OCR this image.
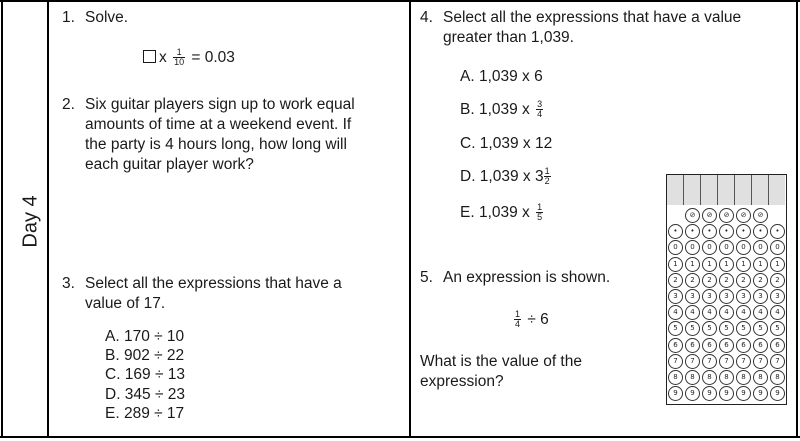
Day 4
1. Solve.
x $\frac{1}{10} = 0.03$
2. Six guitar players sign up to work equal
amounts of time at a weekend event. If
the party is 4 hours long, how long will
each guitar player work?
3. Select all the expressions that have a
value of 17.
A. 170 ÷ 10
B. 902 ÷ 22
C. 169 ÷ 13
D. 345 ÷ 23
E. 289 ÷ 17
4. Select all the expressions that have a value
greater than 1,039.
A. 1,039 x 6
B. 1,039 x $\frac{3}{4}$
C. 1,039 x 12
D. 1,039 x $3 \frac{1}{2}$
E. 1,039 x $\frac{1}{5}$
5. An expression is shown.
$\frac{1}{4} \div 6$
What is the value of the
expression?
⊘	⊘	⊘	⊘	⊘
•	•	•	•	•	•	•
0	0	0	0	0	0	0
1	1	1	1	1	1	1
2	2	2	2	2	2	2
3	3	3	3	3	3	3
4	4	4	4	4	4	4
5	5	5	5	5	5	5
6	6	6	6	6	6	6
7	7	7	7	7	7	7
8	8	8	8	8	8	8
9	9	9	9	9	9	9
